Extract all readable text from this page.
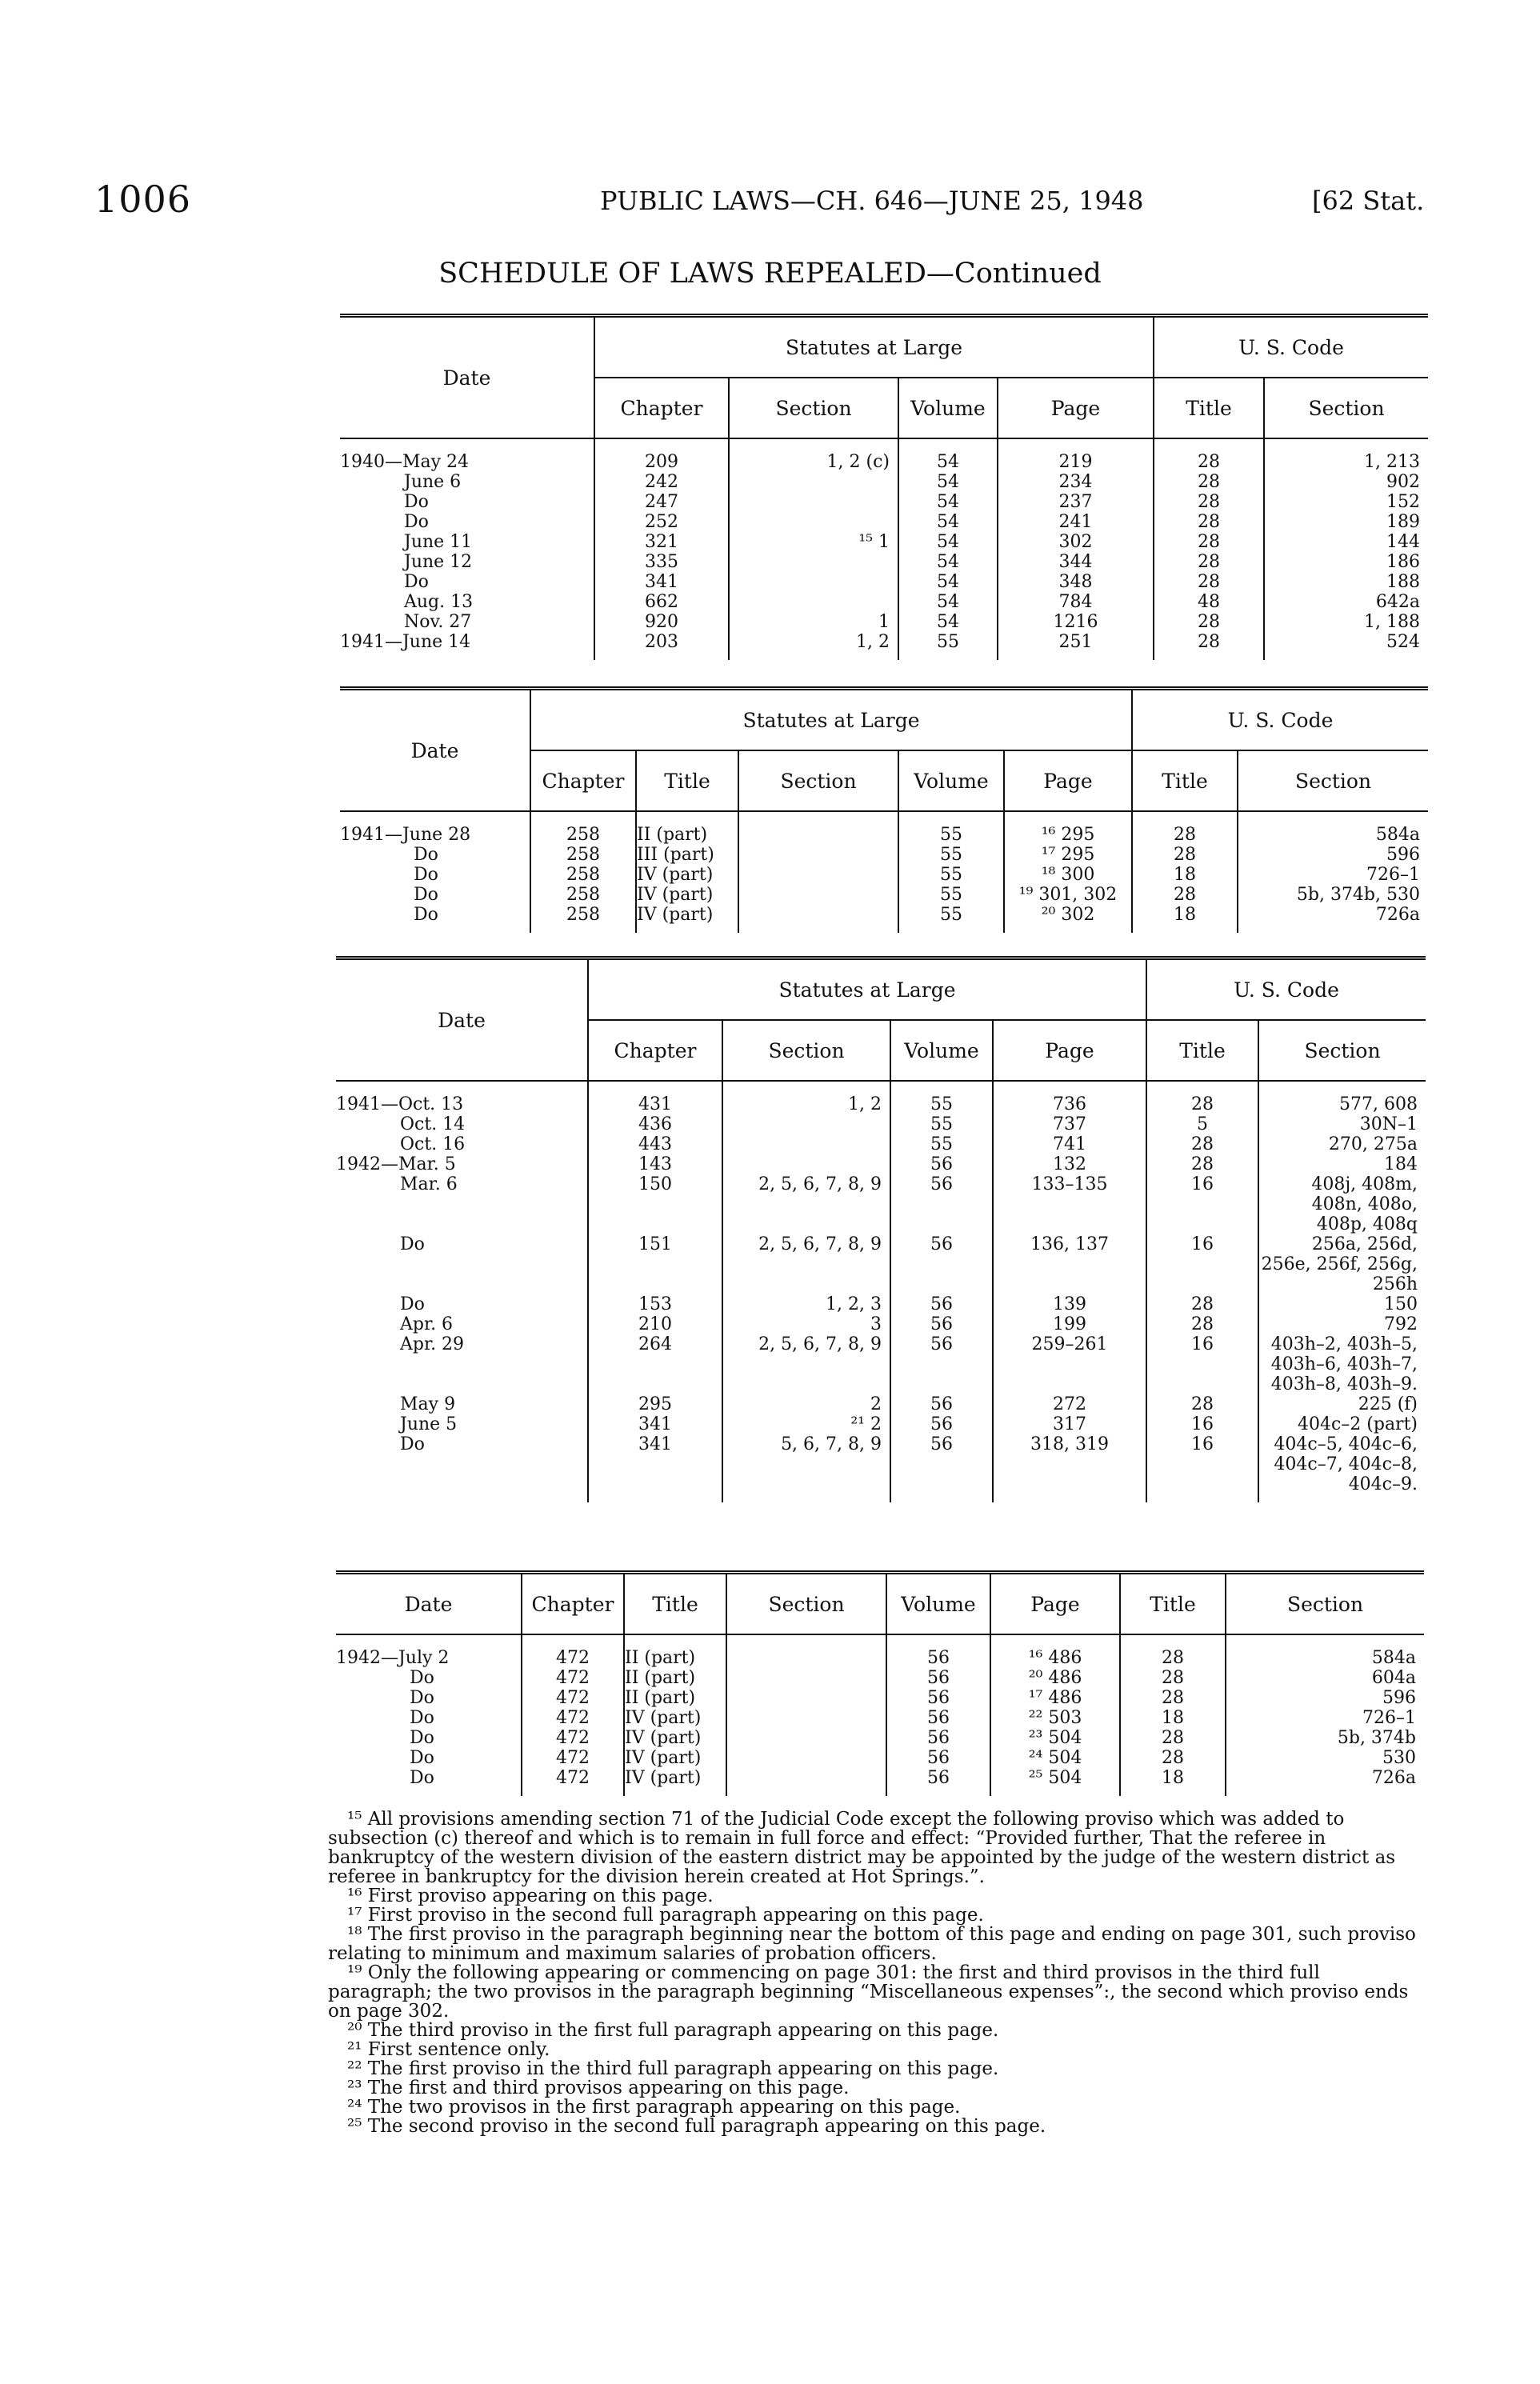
1006	PUBLIC LAWS—CH. 646—JUNE 25, 1948	[62 Stat.
SCHEDULE OF LAWS REPEALED—Continued
Date	Statutes at Large				U. S. Code	
	Chapter	Section	Volume	Page	Title	Section
1940—May 24	209	1, 2 (c)	54	219	28	1, 213
June 6	242		54	234	28	902
Do	247		54	237	28	152
Do	252		54	241	28	189
June 11	321	¹⁵ 1	54	302	28	144
June 12	335		54	344	28	186
Do	341		54	348	28	188
Aug. 13	662		54	784	48	642a
Nov. 27	920	1	54	1216	28	1, 188
1941—June 14	203	1, 2	55	251	28	524
Date	Statutes at Large					U. S. Code	
	Chapter	Title	Section	Volume	Page	Title	Section
1941—June 28	258	II (part)		55	¹⁶ 295	28	584a
Do	258	III (part)		55	¹⁷ 295	28	596
Do	258	IV (part)		55	¹⁸ 300	18	726–1
Do	258	IV (part)		55	¹⁹ 301, 302	28	5b, 374b, 530
Do	258	IV (part)		55	²⁰ 302	18	726a
Date	Statutes at Large				U. S. Code	
	Chapter	Section	Volume	Page	Title	Section
1941—Oct. 13	431	1, 2	55	736	28	577, 608
Oct. 14	436		55	737	5	30N–1
Oct. 16	443		55	741	28	270, 275a
1942—Mar. 5	143		56	132	28	184
Mar. 6	150	2, 5, 6, 7, 8, 9	56	133–135	16	408j, 408m, 408n, 408o, 408p, 408q
Do	151	2, 5, 6, 7, 8, 9	56	136, 137	16	256a, 256d, 256e, 256f, 256g, 256h
Do	153	1, 2, 3	56	139	28	150
Apr. 6	210	3	56	199	28	792
Apr. 29	264	2, 5, 6, 7, 8, 9	56	259–261	16	403h–2, 403h–5, 403h–6, 403h–7, 403h–8, 403h–9.
May 9	295	2	56	272	28	225 (f)
June 5	341	²¹ 2	56	317	16	404c–2 (part)
Do	341	5, 6, 7, 8, 9	56	318, 319	16	404c–5, 404c–6, 404c–7, 404c–8, 404c–9.
Date	Chapter	Title	Section	Volume	Page	Title	Section
1942—July 2	472	II (part)		56	¹⁶ 486	28	584a
Do	472	II (part)		56	²⁰ 486	28	604a
Do	472	II (part)		56	¹⁷ 486	28	596
Do	472	IV (part)		56	²² 503	18	726–1
Do	472	IV (part)		56	²³ 504	28	5b, 374b
Do	472	IV (part)		56	²⁴ 504	28	530
Do	472	IV (part)		56	²⁵ 504	18	726a

¹⁵ All provisions amending section 71 of the Judicial Code except the following proviso which was added to subsection (c) thereof and which is to remain in full force and effect: “Provided further, That the referee in bankruptcy of the western division of the eastern district may be appointed by the judge of the western district as referee in bankruptcy for the division herein created at Hot Springs.”.

¹⁶ First proviso appearing on this page.

¹⁷ First proviso in the second full paragraph appearing on this page.

¹⁸ The first proviso in the paragraph beginning near the bottom of this page and ending on page 301, such proviso relating to minimum and maximum salaries of probation officers.

¹⁹ Only the following appearing or commencing on page 301: the first and third provisos in the third full paragraph; the two provisos in the paragraph beginning “Miscellaneous expenses”:, the second which proviso ends on page 302.

²⁰ The third proviso in the first full paragraph appearing on this page.

²¹ First sentence only.

²² The first proviso in the third full paragraph appearing on this page.

²³ The first and third provisos appearing on this page.

²⁴ The two provisos in the first paragraph appearing on this page.

²⁵ The second proviso in the second full paragraph appearing on this page.
